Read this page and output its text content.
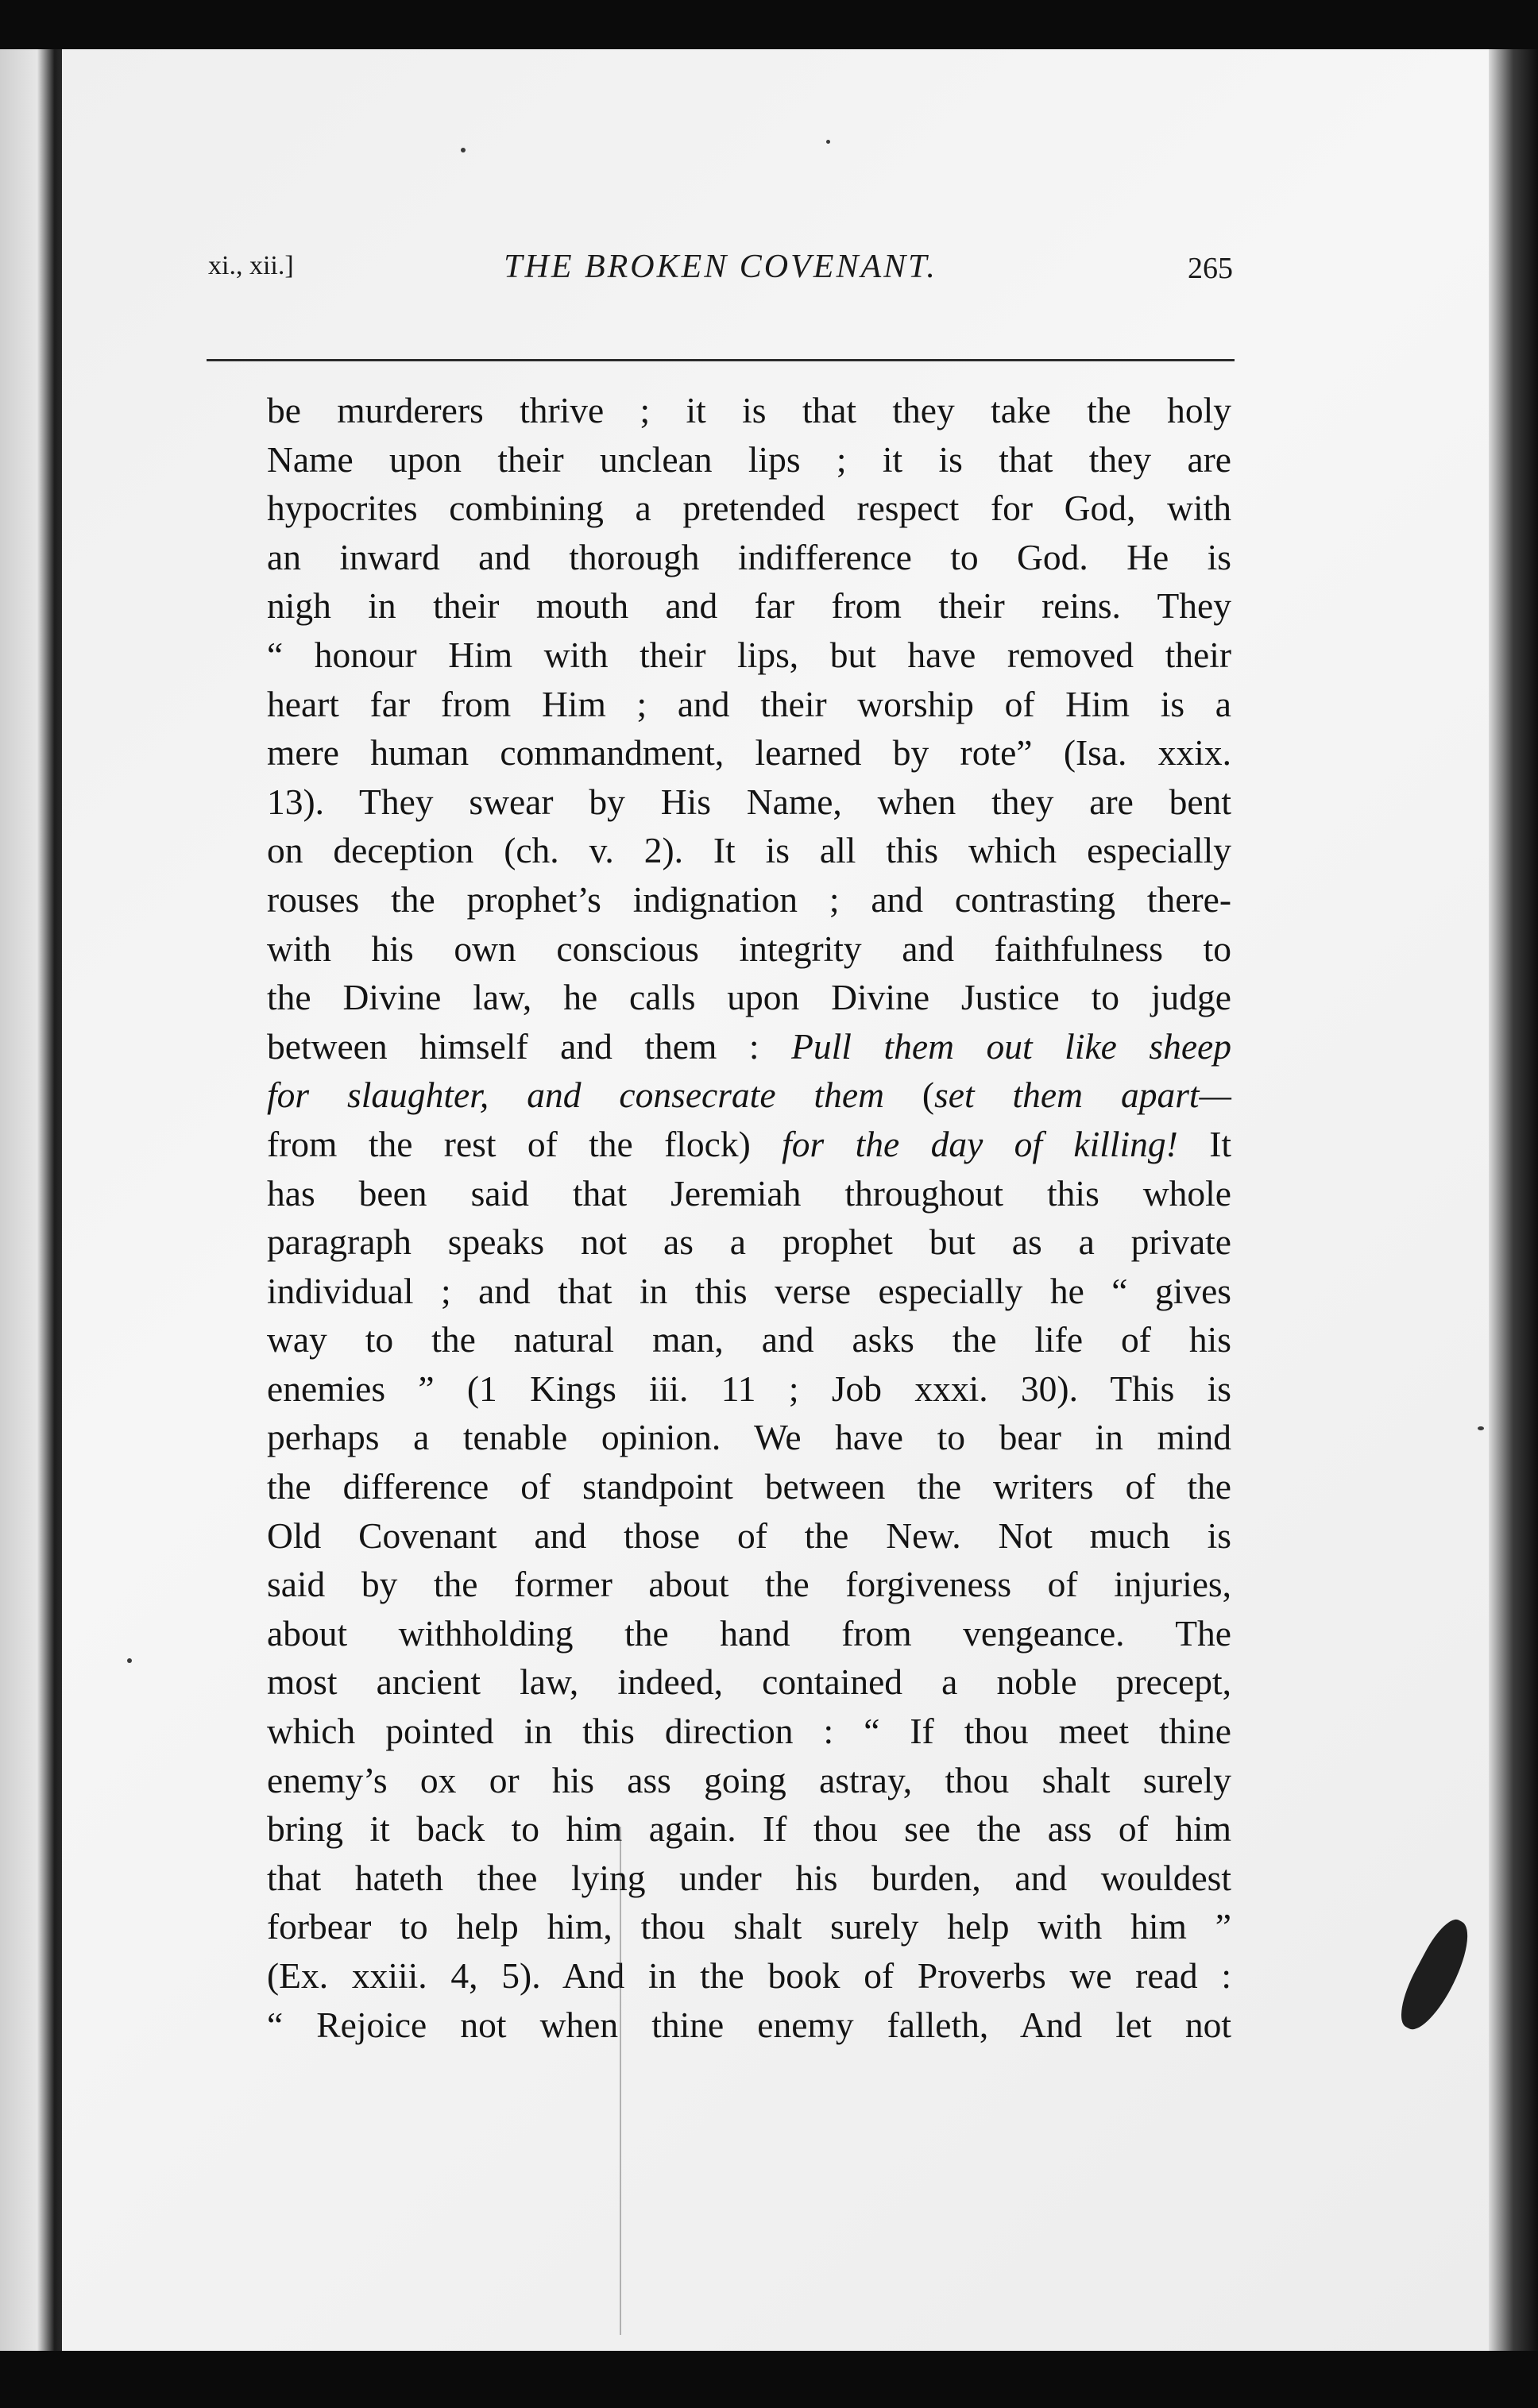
xi., xii.]	THE BROKEN COVENANT.	265
be murderers thrive ; it is that they take the holy
Name upon their unclean lips ; it is that they are
hypocrites combining a pretended respect for God, with
an inward and thorough indifference to God. He is
nigh in their mouth and far from their reins. They
“ honour Him with their lips, but have removed their
heart far from Him ; and their worship of Him is a
mere human commandment, learned by rote” (Isa. xxix.
13). They swear by His Name, when they are bent
on deception (ch. v. 2). It is all this which especially
rouses the prophet’s indignation ; and contrasting there-
with his own conscious integrity and faithfulness to
the Divine law, he calls upon Divine Justice to judge
between himself and them : Pull them out like sheep
for slaughter, and consecrate them (set them apart—
from the rest of the flock) for the day of killing! It
has been said that Jeremiah throughout this whole
paragraph speaks not as a prophet but as a private
individual ; and that in this verse especially he “ gives
way to the natural man, and asks the life of his
enemies ” (1 Kings iii. 11 ; Job xxxi. 30). This is
perhaps a tenable opinion. We have to bear in mind
the difference of standpoint between the writers of the
Old Covenant and those of the New. Not much is
said by the former about the forgiveness of injuries,
about withholding the hand from vengeance. The
most ancient law, indeed, contained a noble precept,
which pointed in this direction : “ If thou meet thine
enemy’s ox or his ass going astray, thou shalt surely
bring it back to him again. If thou see the ass of him
that hateth thee lying under his burden, and wouldest
forbear to help him, thou shalt surely help with him ”
(Ex. xxiii. 4, 5). And in the book of Proverbs we read :
“ Rejoice not when thine enemy falleth, And let not
